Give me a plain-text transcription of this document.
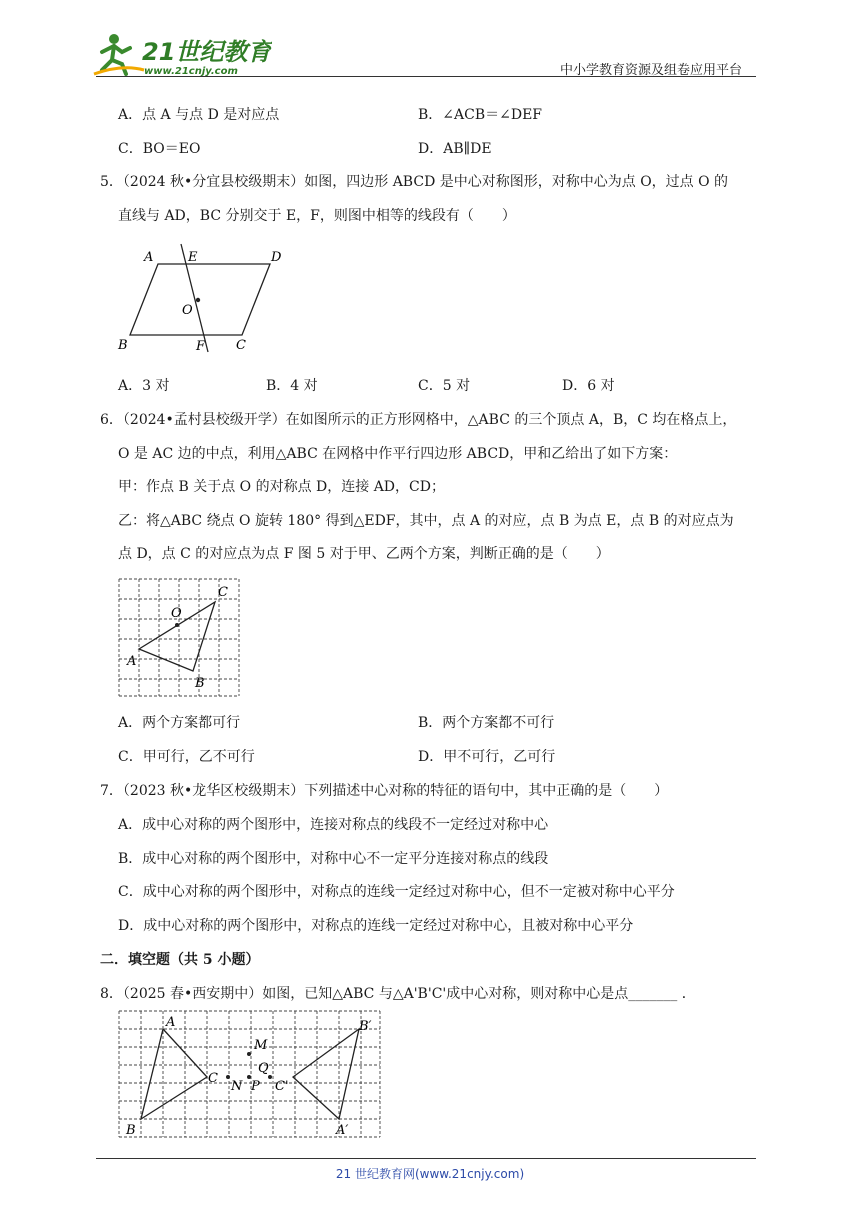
21世纪教育
www.21cnjy.com	中小学教育资源及组卷应用平台
A．点 A 与点 D 是对应点	B．∠ACB＝∠DEF
C．BO＝EO	D．AB∥DE
5．（2024 秋•分宜县校级期末）如图，四边形 ABCD 是中心对称图形，对称中心为点 O，过点 O 的
直线与 AD，BC 分别交于 E，F，则图中相等的线段有（　　）
A	E	D
O
B	F C
A．3 对	B．4 对	C．5 对	D．6 对
6．（2024•孟村县校级开学）在如图所示的正方形网格中，△ABC 的三个顶点 A，B，C 均在格点上，
O 是 AC 边的中点，利用△ABC 在网格中作平行四边形 ABCD，甲和乙给出了如下方案：
甲：作点 B 关于点 O 的对称点 D，连接 AD，CD；
乙：将△ABC 绕点 O 旋转 180° 得到△EDF，其中，点 A 的对应，点 B 为点 E，点 B 的对应点为
点 D，点 C 的对应点为点 F 图 5 对于甲、乙两个方案，判断正确的是（　　）
A
B
C
O
A．两个方案都可行	B．两个方案都不可行
C．甲可行，乙不可行	D．甲不可行，乙可行
7．（2023 秋•龙华区校级期末）下列描述中心对称的特征的语句中，其中正确的是（　　）
A．成中心对称的两个图形中，连接对称点的线段不一定经过对称中心
B．成中心对称的两个图形中，对称中心不一定平分连接对称点的线段
C．成中心对称的两个图形中，对称点的连线一定经过对称中心，但不一定被对称中心平分
D．成中心对称的两个图形中，对称点的连线一定经过对称中心，且被对称中心平分
二．填空题（共 5 小题）
8．（2025 春•西安期中）如图，已知△ABC 与△A'B'C'成中心对称，则对称中心是点_______ ．
A
B
C
M
N P
Q
C'
A′
B′
21 世纪教育网(www.21cnjy.com)
